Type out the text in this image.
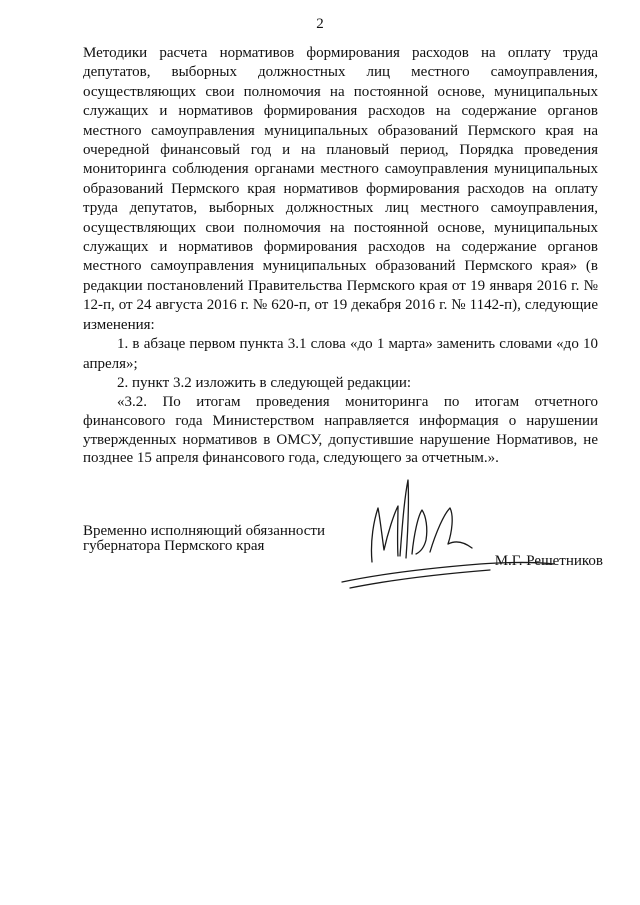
2

Методики расчета нормативов формирования расходов на оплату труда депутатов, выборных должностных лиц местного самоуправления, осуществляющих свои полномочия на постоянной основе, муниципальных служащих и нормативов формирования расходов на содержание органов местного самоуправления муниципальных образований Пермского края на очередной финансовый год и на плановый период, Порядка проведения мониторинга соблюдения органами местного самоуправления муниципальных образований Пермского края нормативов формирования расходов на оплату труда депутатов, выборных должностных лиц местного самоуправления, осуществляющих свои полномочия на постоянной основе, муниципальных служащих и нормативов формирования расходов на содержание органов местного самоуправления муниципальных образований Пермского края» (в редакции постановлений Правительства Пермского края от 19 января 2016 г. № 12-п, от 24 августа 2016 г. № 620-п, от 19 декабря 2016 г. № 1142-п), следующие изменения:

1. в абзаце первом пункта 3.1 слова «до 1 марта» заменить словами «до 10 апреля»;

2. пункт 3.2 изложить в следующей редакции:

«3.2. По итогам проведения мониторинга по итогам отчетного финансового года Министерством направляется информация о нарушении утвержденных нормативов в ОМСУ, допустившие нарушение Нормативов, не позднее 15 апреля финансового года, следующего за отчетным.».

Временно исполняющий обязанности
губернатора Пермского края
М.Г. Решетников
